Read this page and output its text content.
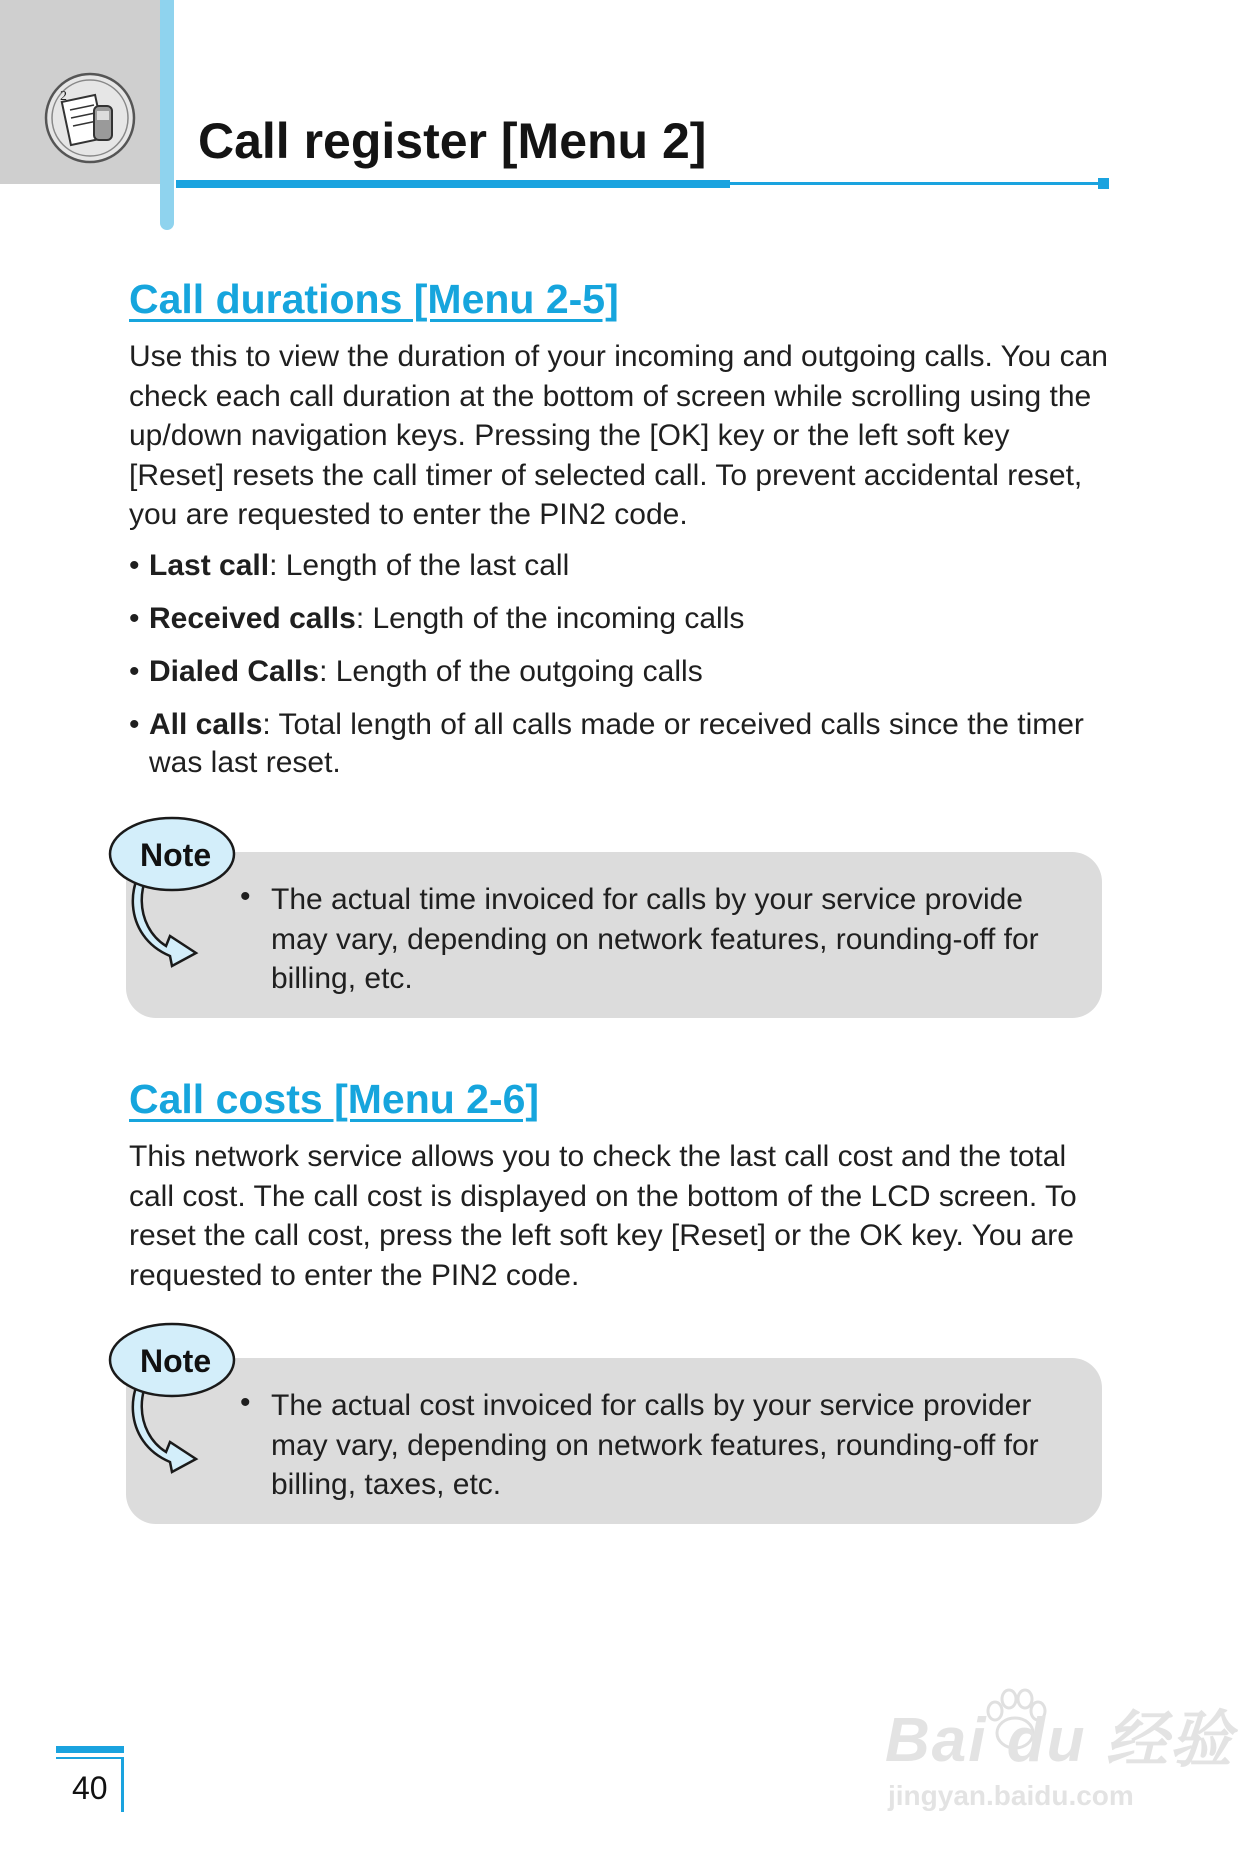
2
Call register [Menu 2]
Call durations [Menu 2-5]
Use this to view the duration of your incoming and outgoing calls. You can check each call duration at the bottom of screen while scrolling using the up/down navigation keys. Pressing the [OK] key or the left soft key [Reset] resets the call timer of selected call. To prevent accidental reset, you are requested to enter the PIN2 code.
• Last call: Length of the last call
• Received calls: Length of the incoming calls
• Dialed Calls: Length of the outgoing calls
• All calls: Total length of all calls made or received calls since the timer was last reset.
Note
• The actual time invoiced for calls by your service provide may vary, depending on network features, rounding-off for billing, etc.
Call costs [Menu 2-6]
This network service allows you to check the last call cost and the total call cost. The call cost is displayed on the bottom of the LCD screen. To reset the call cost, press the left soft key [Reset] or the OK key. You are requested to enter the PIN2 code.
Note
• The actual cost invoiced for calls by your service provider may vary, depending on network features, rounding-off for billing, taxes, etc.
40
Bai du 经验
jingyan.baidu.com
